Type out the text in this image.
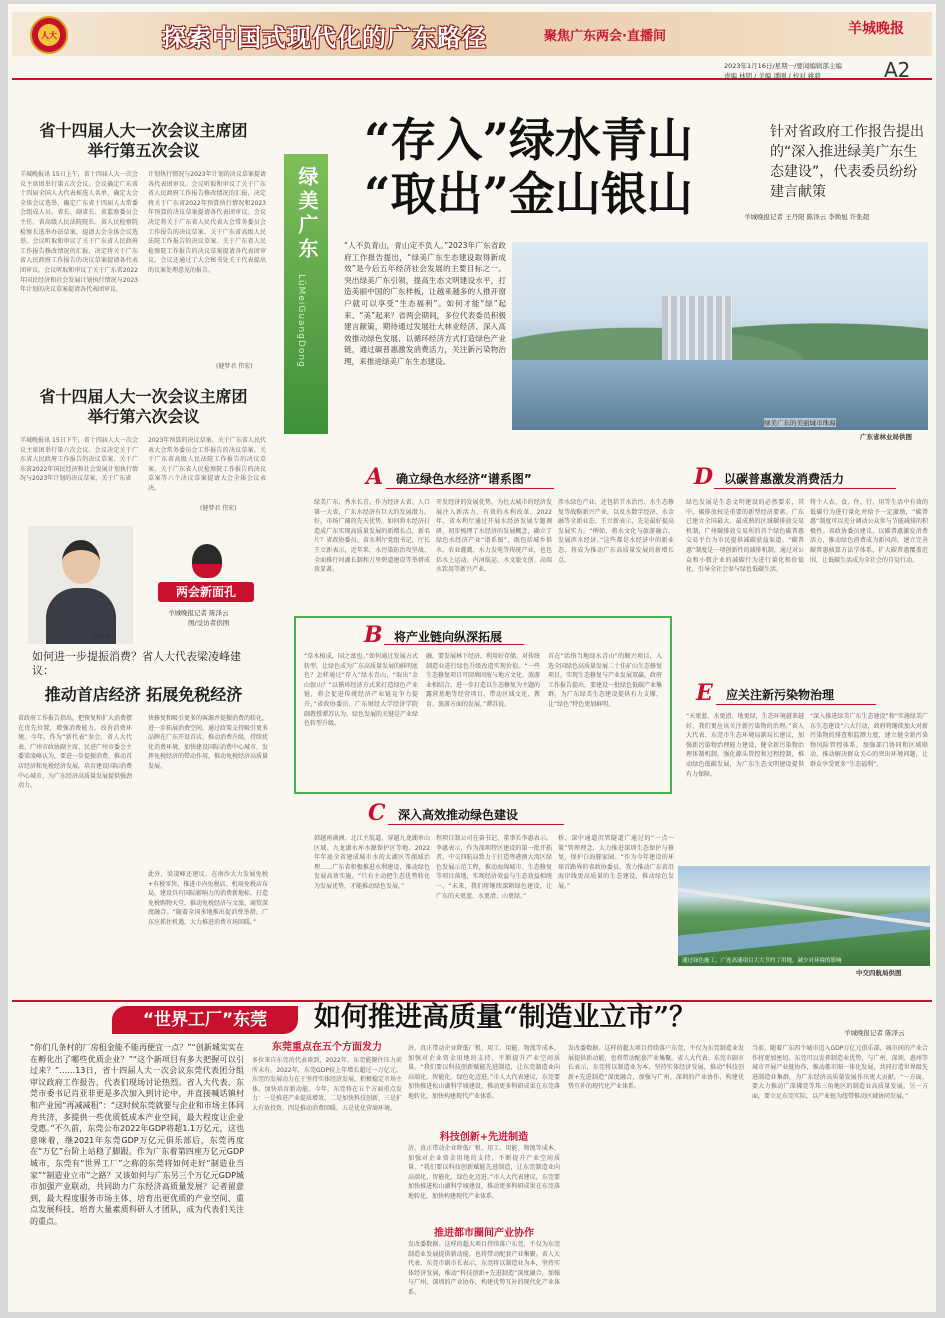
人大	探索中国式现代化的广东路径	聚焦广东两会·直播间	羊城晚报
2023年1月16日/星期一/要闻编辑部主编
责编 林明 / 美编 潘刚 / 校对 姚毅	A2
省十四届人大一次会议主席团
举行第五次会议
羊城晚报讯 15日上午，省十四届人大一次会议主席团举行第五次会议。会议确定广东省十四届全国人大代表候选人名单，确定大会全体会议选举，确定广东省十四届人大常委会组成人员。省长、副省长、省监察委员会主任、省高级人民法院院长、省人民检察院检察长选举办法草案，提请大会全体会议选举。会议听取和审议了关于广东省人民政府工作报告修改情况的汇报，决定将关于广东省人民政府工作报告的决议草案提请各代表团审议。会议听取和审议了关于广东省2022年国民经济和社会发展计划执行情况与2023年计划的决议草案提请各代表团审议。
计划执行情况与2023年计划的决议草案提请各代表团审议。会议听取和审议了关于广东省人民政府工作报告修改情况的汇报，决定将关于广东省2022年预算执行情况和2023年预算的决议草案提请各代表团审议。会议决定将关于广东省人民代表大会常务委员会工作报告的决议草案、关于广东省高级人民法院工作报告的决议草案、关于广东省人民检察院工作报告的决议草案提请各代表团审议。会议还通过了大会秘书处关于代表提出的议案处理意见的报告。
(健梦君 伟宏)
省十四届人大一次会议主席团
举行第六次会议
羊城晚报讯 15日下午，省十四届人大一次会议主席团举行第六次会议。会议决定关于广东省人民政府工作报告的决议草案、关于广东省2022年国民经济和社会发展计划执行情况与2023年计划的决议草案、关于广东省
2023年预算的决议草案、关于广东省人民代表大会常务委员会工作报告的决议草案、关于广东省高级人民法院工作报告的决议草案、关于广东省人民检察院工作报告的决议草案等六个决议草案提请大会全体会议表决。
(健梦君 伟宏)
梁凌峰
两会新面孔
羊城晚报记者 陈泽云
图/受访者供图
如何进一步提振消费？省人大代表梁凌峰建议：
推动首店经济 拓展免税经济
省政府工作报告指出，把恢复和扩大消费摆在优先位置，增强消费能力，改善消费环境。今年，作为“新代表”参会，省人大代表、广州市政协副主席、民进广州市委会主委梁凌峰认为，要进一步提振消费，推动首店经济和免税经济发展，培育建设国际消费中心城市，为广东经济高质量发展提供强劲动力。
快修复和吸引更多的客源并提振消费的转化，进一步拓展消费空间，通过政策支持吸引更多品牌在广东开设首店，推动消费升级，持续优化消费环境，加快建设国际消费中心城市，发挥免税经济的带动作用，推动免税经济高质量发展。
此外，梁凌峰还建议，在南沙大力发展免税+有税零售，推进市内免税店、机场免税店布局，建设具有国际影响力的消费新地标，打造免税购物天堂，推动免税经济与文旅、商贸深度融合。“随着全国多地推出促消费举措，广东应抓住机遇，大力推进消费市场回暖。”
绿美广东
LüMeiGuangDong
“存入”绿水青山
“取出”金山银山
针对省政府工作报告提出的“深入推进绿美广东生态建设”，代表委员纷纷建言献策
羊城晚报记者 王丹阳 陈泽云 李焕旭 许张超
“人不负青山，青山定不负人。”2023年广东省政府工作报告提出，“绿美广东生态建设取得新成效”是今后五年经济社会发展的主要目标之一。突出绿美广东引领，提高生态文明建设水平，打造美丽中国的广东样板，让越来越多的人推开窗户就可以享受“生态福利”。如何才能“绿”起来、“美”起来？省两会期间，多位代表委员积极建言献策，期待通过发展壮大林业经济、深入高效推动绿色发展、以循环经济方式打造绿色产业链，通过碳普惠激发消费活力，关注新污染物治理，来推进绿美广东生态建设。
绿美广东的美丽城市珠海
广东省林业局供图
A 确立绿色水经济“谱系图”
绿美广东，秀水长青。作为经济大省、人口第一大省，广东水经济有巨大的发展潜力。好，市场广阔的先天优势。如何将水经济打造成广东实现高质量发展的新增长点，新名片？省政协委员、省水利厅党组书记、厅长王立新表示，近年来，水污染防治攻坚战、全面推行河湖长制和万里碧道建设等举措成效显著。
开发经济的发展优势，为壮大城市的经济发展注入新活力，有效的水利改革。2022年，省水利厅通过开展水经济发展专题调研，初步梳理了水经济的发展概念，确立了绿色水经济产业“谱系图”，既包括城乡供水、农业灌溉、水力发电等传统产业，也包括水上运动、内河航运、水文旅文创、高端水饮用等新兴产业。
涉水绿色产业，还包括节水治污、水生态修复等战略新兴产业，以及水数字经济、水金融等全新业态。王立新表示，先是最好提高发展实力。“例如，将水文化与旅游融合，发展滨水经济。”这些都是水经济中的新业态，将成为推动广东高质量发展的新增长点。
D 以碳普惠激发消费活力
绿色发展是生态文明建设的必然要求，其中，碳排放权是重要的新型经济要素。广东已建立全国最大、最成熟的区域碳排放交易机制，广州碳排放交易所的首个绿色碳普惠交易平台为市民提供减碳获益渠道。“碳普惠”制度是一项创新性的减排机制，通过对公众和小微企业的减碳行为进行量化和价值化，引导全社会参与绿色低碳生活。
将个人衣、食、住、行、用等生活中有效的低碳行为进行量化并给予一定激励，“碳普惠”制度可以充分调动公众参与节能减排的积极性。省政协委员建议，以碳普惠激发消费活力，推动绿色消费成为新风尚，建立完善碳普惠核算方法学体系，扩大碳普惠覆盖范围，让低碳生活成为全社会的自觉行动。
B 将产业链向纵深拓展
“草木植成，国之富也。”如何通过发展方式转型，让绿色成为广东高质量发展的鲜明底色？怎样通过“存入”绿水青山，“取出”金山银山？“以循环经济方式来打造绿色产业链，将会促进传统经济产业链竞争力提升，”省政协委员、广东财经大学经济学院副教授谭苏认为，绿色发展的关键是产业绿色转型升级。
融，要发展林下经济，利用好存储，对传统制造业进行绿色升级改造实现价值。“一些生态修复项目可回填固废与地方文化、旅游业相结合，进一步打造以生态修复为主题的露营基地等经营项目，带动区域文化、教育、旅游方面的发展，”谭苏说。
首在“活络当地绿水青山”的顺兴项目，入选全国绿色高质量发展二十佳矿山生态修复项目，实现生态修复与产业发展双赢。政府工作报告提出，要建设一批绿色低碳产业集群，为广东绿美生态建设提供有力支撑，让“绿色”特色更加鲜明。	E 应关注新污染物治理
“天更蓝、水更清、地更绿，生态环境越来越好，我们更应该关注新污染物的治理。”省人大代表、东莞市生态环境局副局长建议，加强新污染物治理能力建设，健全新污染物治理体制机制，强化源头管控和过程控制，推动绿色低碳发展，为广东生态文明建设提供有力保障。
“深入推进绿美广东生态建设”和“实施绿美广东生态建设”六大行动，政府将继续加大对新污染物的排查和监测力度，建立健全新污染物风险管控体系，加强部门协同和区域联动，推动解决群众关心的突出环境问题，让群众享受更多“生态福利”。
C 深入高效推动绿色建设
韩越南满洲、北江主航道、穿越九龙湖单山区域、九龙湖水库水源保护区等地。2022年年底全省建成城市水的太湖区等湖域治理……广东省积极推进水利建设，推动绿色发展高效实施。“只有主动把生态优势转化为发展优势，才能推动绿色发展。”
程项目制公司在奋书记、董事长李惠表示。李惠表示，作为深圳特区建设的第一批开拓者，中交四航局致力于打造粤港澳大湾区绿色发展示范工程，推动海绵城市、生态修复等项目落地，实现经济效益与生态效益相统一。“未来，我们将继续深耕绿色建设，让广东的天更蓝、水更清、山更绿。”
桥、深中通道沉管隧道广通过的“一点一策”管理理念，大力推进深圳生态保护与修复，保护白海豚家园。“作为今年建设的环球首路界的省政协委员，我力推动广东省沿海岸线更高质量的生态建设，推动绿色发展。”
通过绿色施工，广连高速项目大大节约了用地，减少对环境的影响
中交四航局供图
“世界工厂”东莞	如何推进高质量“制造业立市”？	羊城晚报记者 陈泽云
“你们几条村的厂房租金能不能再便宜一点？”“创新城实实在在孵化出了哪些优质企业？”“这个新项目有多大把握可以引过来？”……13日，省十四届人大一次会议东莞代表团分组审议政府工作报告，代表们现场讨论热烈。省人大代表、东莞市委书记肖亚非更是多次加入到讨论中，并直接喊话镇村和产业园“再减减租”：“这时候东莞就要与企业和市场主体同舟共济，多提供一些优质低成本产业空间，最大程度让企业受惠。”不久前，东莞公布2022年GDP将超1.1万亿元，这也意味着，继2021年东莞GDP万亿元俱乐部后，东莞再度在“万亿”台阶上站稳了脚跟。作为广东着第四座万亿元GDP城市，东莞有“世界工厂”之称的东莞将如何走好“制造业当家”“制造业立市”之路？又该如何与广东另三个万亿元GDP城市加强产业联动，共同助力广东经济高质量发展？记者留意到，最大程度服务市场主体、培育出更优质的产业空间、重点发展科技、培育大量素质科研人才团队，成为代表们关注的重点。
东莞重点在五个方面发力
多位来自东莞的代表谈到，2022年，东莞能源住压力前所未有。2022年，东莞GDP较上年增长超过一万亿元，东莞的发展动力在于坚持实体经济发展，积极稳定市场主体，加快培育新动能。今年，东莞将在五个方面重点发力：一是推进产业提质增效，二是加快科技创新，三是扩大有效投资，四是推动消费回暖，五是优化营商环境。
济，真正带动企业降低厂租、用工、用能、物流等成本，加强对企业资金用地的支持，不断提升产业空间质量。“我们要以科技创新赋能先进制造，让东莞制造业向高端化、智能化、绿色化迈进。”市人大代表建议，东莞要加快推进松山湖科学城建设，推动更多科研成果在东莞落地转化，加快构建现代产业体系。
科技创新+先进制造
济，真正带动企业降低厂租、用工、用能、物流等成本，加强对企业资金用地的支持，不断提升产业空间质量。“我们要以科技创新赋能先进制造，让东莞制造业向高端化、智能化、绿色化迈进。”市人大代表建议，东莞要加快推进松山湖科学城建设，推动更多科研成果在东莞落地转化，加快构建现代产业体系。
推进都市圈间产业协作
发改委数据。这样的超大项目持续落户东莞，不仅为东莞制造业发展提供新动能，也将带动配套产业集聚。省人大代表、东莞市副市长表示，东莞将以制造业为本，坚持实体经济发展，推动“科技创新+先进制造”深度融合，加强与广州、深圳的产业协作，构建优势互补的现代化产业体系。
发改委数据。这样的超大项目持续落户东莞，不仅为东莞制造业发展提供新动能，也将带动配套产业集聚。省人大代表、东莞市副市长表示，东莞将以制造业为本，坚持实体经济发展，推动“科技创新+先进制造”深度融合，加强与广州、深圳的产业协作，构建优势互补的现代化产业体系。
当前，随着广东四个城市迈入GDP万亿元俱乐部，城市间的产业合作将更加密切。东莞可以发挥制造业优势，与广州、深圳、惠州等城市开展产业链协作，推动都市圈一体化发展，共同打造世界级先进制造业集群，为广东经济高质量发展作出更大贡献。“一方面，要大力推动广深佛莞等珠三角地区的制造业高质量发展。另一方面，要立足东莞实际，以产业链为纽带推动区域协同发展。”
